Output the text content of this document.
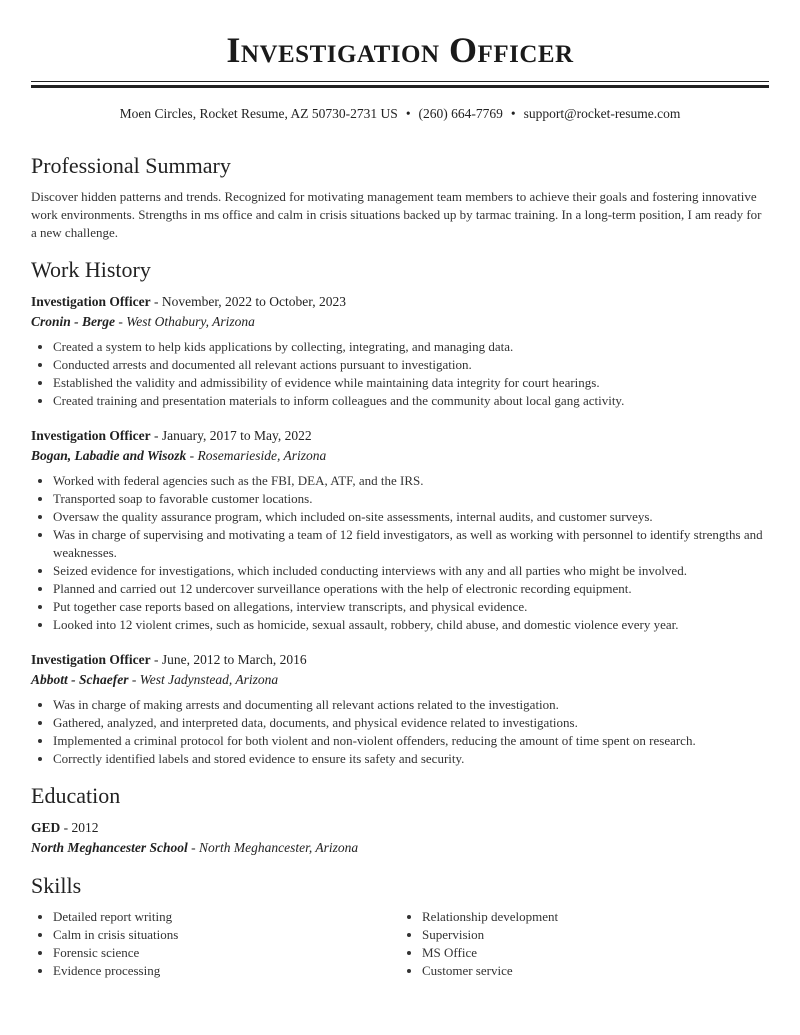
Investigation Officer
Moen Circles, Rocket Resume, AZ 50730-2731 US • (260) 664-7769 • support@rocket-resume.com
Professional Summary
Discover hidden patterns and trends. Recognized for motivating management team members to achieve their goals and fostering innovative work environments. Strengths in ms office and calm in crisis situations backed up by tarmac training. In a long-term position, I am ready for a new challenge.
Work History
Investigation Officer - November, 2022 to October, 2023
Cronin - Berge - West Othabury, Arizona
• Created a system to help kids applications by collecting, integrating, and managing data.
• Conducted arrests and documented all relevant actions pursuant to investigation.
• Established the validity and admissibility of evidence while maintaining data integrity for court hearings.
• Created training and presentation materials to inform colleagues and the community about local gang activity.
Investigation Officer - January, 2017 to May, 2022
Bogan, Labadie and Wisozk - Rosemarieside, Arizona
• Worked with federal agencies such as the FBI, DEA, ATF, and the IRS.
• Transported soap to favorable customer locations.
• Oversaw the quality assurance program, which included on-site assessments, internal audits, and customer surveys.
• Was in charge of supervising and motivating a team of 12 field investigators, as well as working with personnel to identify strengths and weaknesses.
• Seized evidence for investigations, which included conducting interviews with any and all parties who might be involved.
• Planned and carried out 12 undercover surveillance operations with the help of electronic recording equipment.
• Put together case reports based on allegations, interview transcripts, and physical evidence.
• Looked into 12 violent crimes, such as homicide, sexual assault, robbery, child abuse, and domestic violence every year.
Investigation Officer - June, 2012 to March, 2016
Abbott - Schaefer - West Jadynstead, Arizona
• Was in charge of making arrests and documenting all relevant actions related to the investigation.
• Gathered, analyzed, and interpreted data, documents, and physical evidence related to investigations.
• Implemented a criminal protocol for both violent and non-violent offenders, reducing the amount of time spent on research.
• Correctly identified labels and stored evidence to ensure its safety and security.
Education
GED - 2012
North Meghancester School - North Meghancester, Arizona
Skills
• Detailed report writing
• Calm in crisis situations
• Forensic science
• Evidence processing
• Relationship development
• Supervision
• MS Office
• Customer service
